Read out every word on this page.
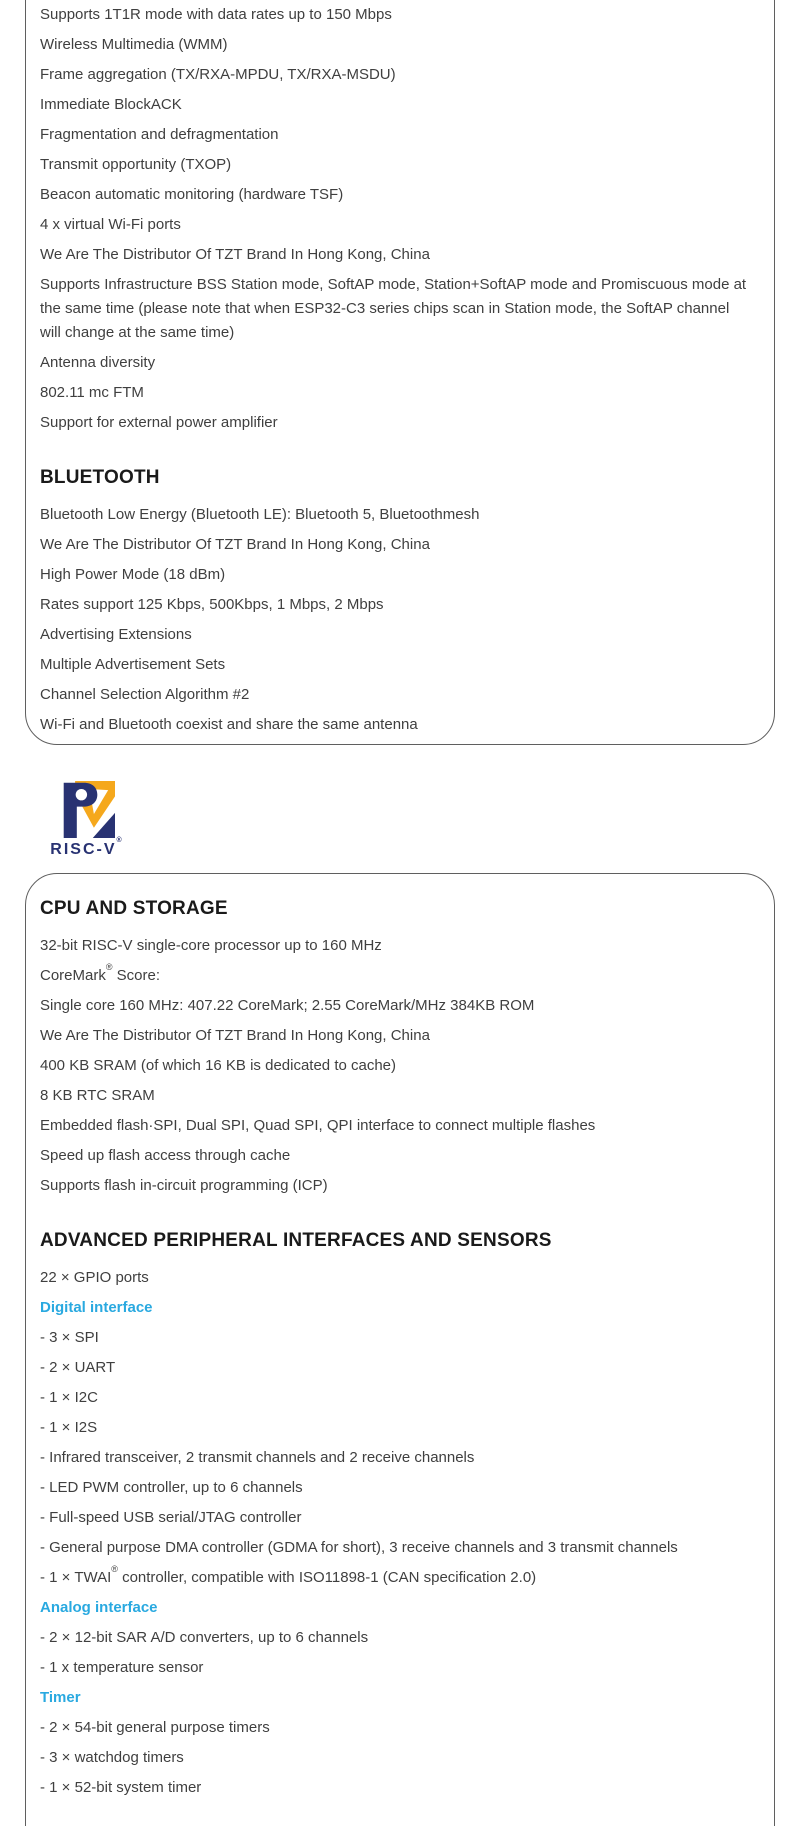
Supports 1T1R mode with data rates up to 150 Mbps

Wireless Multimedia (WMM)

Frame aggregation (TX/RXA-MPDU, TX/RXA-MSDU)

Immediate BlockACK

Fragmentation and defragmentation

Transmit opportunity (TXOP)

Beacon automatic monitoring (hardware TSF)

4 x virtual Wi-Fi ports

We Are The Distributor Of TZT Brand In Hong Kong, China

Supports Infrastructure BSS Station mode, SoftAP mode, Station+SoftAP mode and Promiscuous mode at the same time (please note that when ESP32-C3 series chips scan in Station mode, the SoftAP channel will change at the same time)

Antenna diversity

802.11 mc FTM

Support for external power amplifier

BLUETOOTH

Bluetooth Low Energy (Bluetooth LE): Bluetooth 5, Bluetoothmesh

We Are The Distributor Of TZT Brand In Hong Kong, China

High Power Mode (18 dBm)

Rates support 125 Kbps, 500Kbps, 1 Mbps, 2 Mbps

Advertising Extensions

Multiple Advertisement Sets

Channel Selection Algorithm #2

Wi-Fi and Bluetooth coexist and share the same antenna

RISC-V®
CPU AND STORAGE

32-bit RISC-V single-core processor up to 160 MHz

CoreMark® Score:

Single core 160 MHz: 407.22 CoreMark; 2.55 CoreMark/MHz 384KB ROM

We Are The Distributor Of TZT Brand In Hong Kong, China

400 KB SRAM (of which 16 KB is dedicated to cache)

8 KB RTC SRAM

Embedded flash·SPI, Dual SPI, Quad SPI, QPI interface to connect multiple flashes

Speed up flash access through cache

Supports flash in-circuit programming (ICP)

ADVANCED PERIPHERAL INTERFACES AND SENSORS

22 × GPIO ports

Digital interface

- 3 × SPI

- 2 × UART

- 1 × I2C

- 1 × I2S

- Infrared transceiver, 2 transmit channels and 2 receive channels

- LED PWM controller, up to 6 channels

- Full-speed USB serial/JTAG controller

- General purpose DMA controller (GDMA for short), 3 receive channels and 3 transmit channels

- 1 × TWAI® controller, compatible with ISO11898-1 (CAN specification 2.0)

Analog interface

- 2 × 12-bit SAR A/D converters, up to 6 channels

- 1 x temperature sensor

Timer

- 2 × 54-bit general purpose timers

- 3 × watchdog timers

- 1 × 52-bit system timer
